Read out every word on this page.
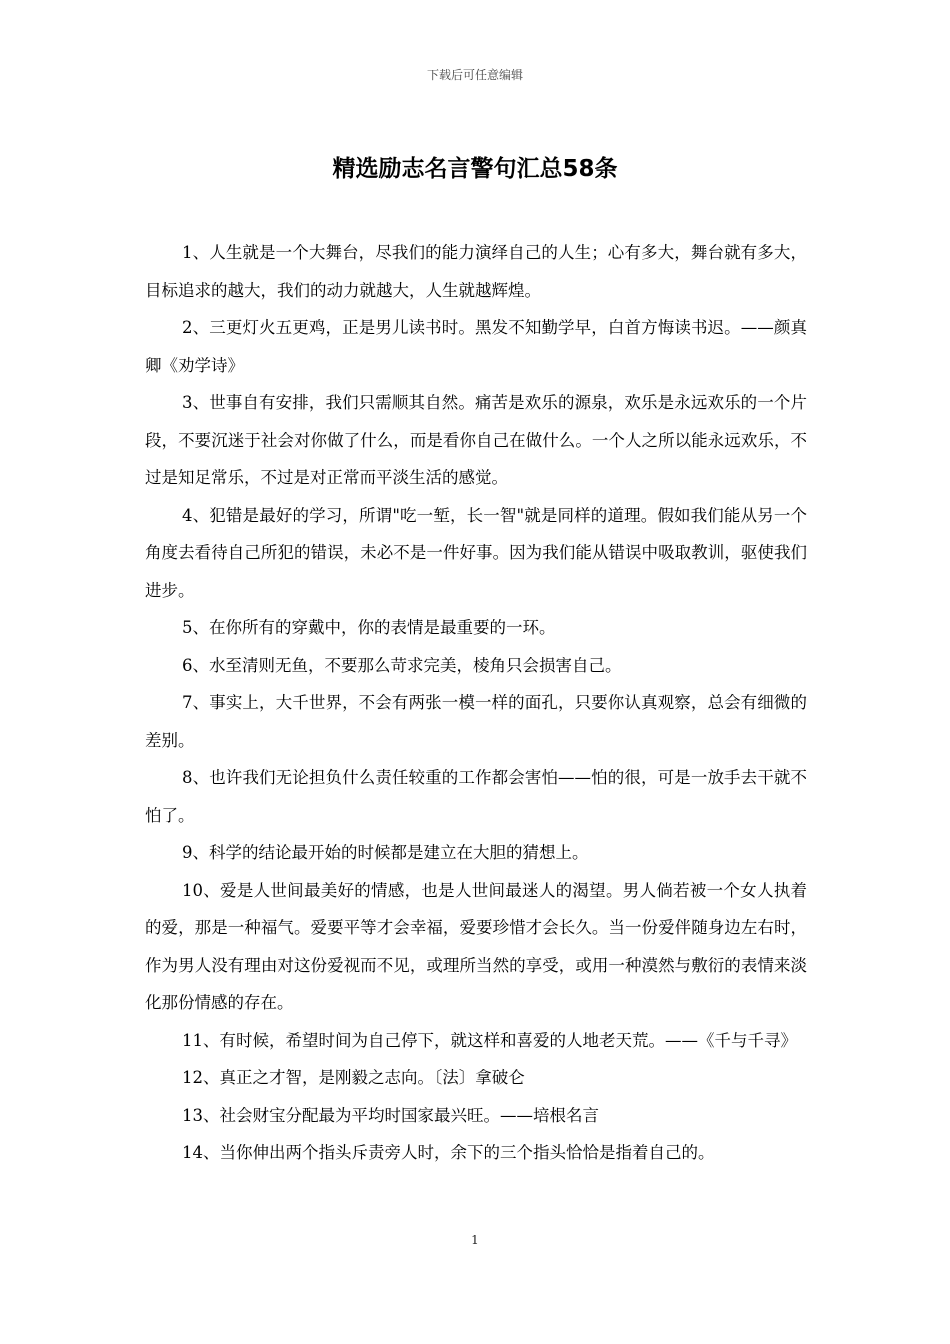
下载后可任意编辑
精选励志名言警句汇总58条

1、人生就是一个大舞台，尽我们的能力演绎自己的人生；心有多大，舞台就有多大，目标追求的越大，我们的动力就越大，人生就越辉煌。

2、三更灯火五更鸡，正是男儿读书时。黑发不知勤学早，白首方悔读书迟。——颜真卿《劝学诗》

3、世事自有安排，我们只需顺其自然。痛苦是欢乐的源泉，欢乐是永远欢乐的一个片段，不要沉迷于社会对你做了什么，而是看你自己在做什么。一个人之所以能永远欢乐，不过是知足常乐，不过是对正常而平淡生活的感觉。

4、犯错是最好的学习，所谓"吃一堑，长一智"就是同样的道理。假如我们能从另一个角度去看待自己所犯的错误，未必不是一件好事。因为我们能从错误中吸取教训，驱使我们进步。

5、在你所有的穿戴中，你的表情是最重要的一环。

6、水至清则无鱼，不要那么苛求完美，棱角只会损害自己。

7、事实上，大千世界，不会有两张一模一样的面孔，只要你认真观察，总会有细微的差别。

8、也许我们无论担负什么责任较重的工作都会害怕——怕的很，可是一放手去干就不怕了。

9、科学的结论最开始的时候都是建立在大胆的猜想上。

10、爱是人世间最美好的情感，也是人世间最迷人的渴望。男人倘若被一个女人执着的爱，那是一种福气。爱要平等才会幸福，爱要珍惜才会长久。当一份爱伴随身边左右时，作为男人没有理由对这份爱视而不见，或理所当然的享受，或用一种漠然与敷衍的表情来淡化那份情感的存在。

11、有时候，希望时间为自己停下，就这样和喜爱的人地老天荒。——《千与千寻》

12、真正之才智，是刚毅之志向。〔法〕拿破仑

13、社会财宝分配最为平均时国家最兴旺。——培根名言

14、当你伸出两个指头斥责旁人时，余下的三个指头恰恰是指着自己的。

1
